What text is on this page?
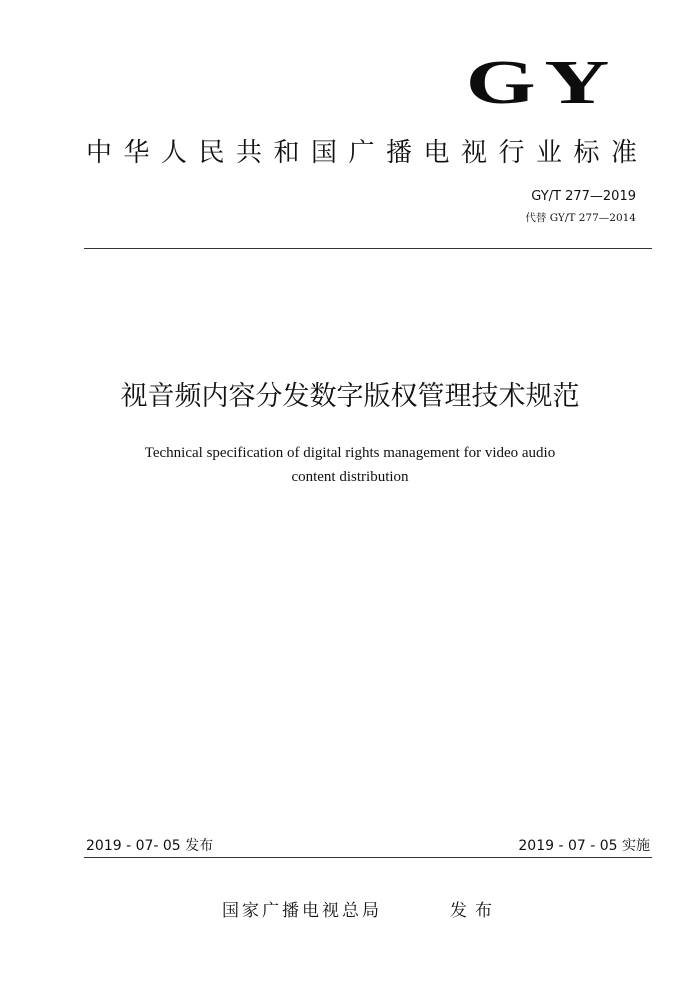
GY
中华人民共和国广播电视行业标准
GY/T 277—2019
代替 GY/T 277—2014
视音频内容分发数字版权管理技术规范
Technical specification of digital rights management for video audio
content distribution
2019 - 07- 05 发布	2019 - 07 - 05 实施
国家广播电视总局	发布
